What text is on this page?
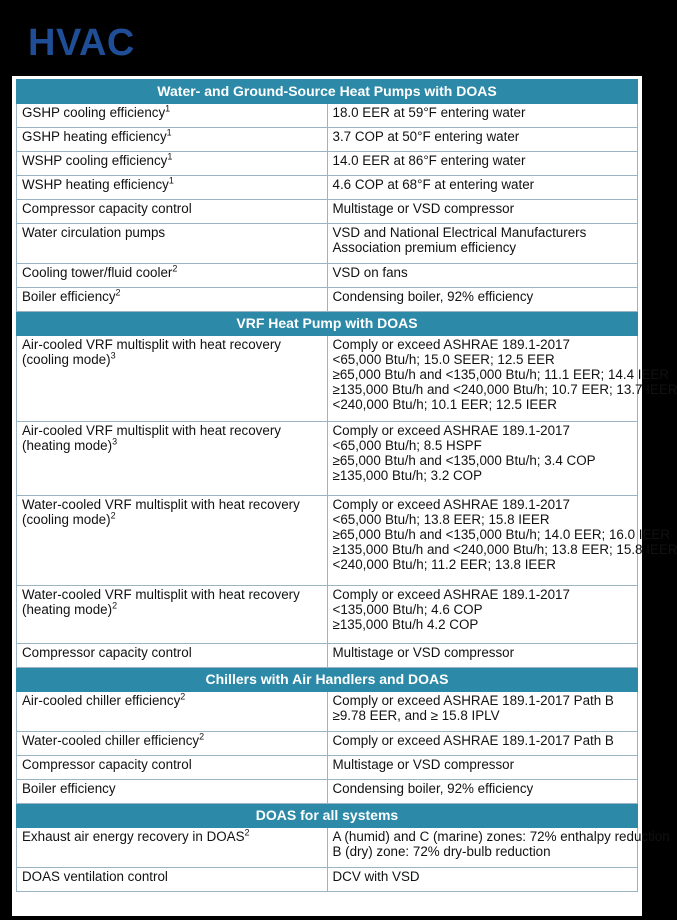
HVAC
Water- and Ground-Source Heat Pumps with DOAS	
GSHP cooling efficiency$^1$	18.0 EER at 59°F entering water

GSHP heating efficiency$^1$	3.7 COP at 50°F entering water

WSHP cooling efficiency$^1$	14.0 EER at 86°F entering water

WSHP heating efficiency$^1$	4.6 COP at 68°F at entering water

Compressor capacity control	Multistage or VSD compressor

Water circulation pumps	VSD and National Electrical Manufacturers Association premium efficiency

Cooling tower/fluid cooler$^2$	VSD on fans

Boiler efficiency$^2$	Condensing boiler, 92% efficiency

VRF Heat Pump with DOAS	
Air-cooled VRF multisplit with heat recovery (cooling mode)$^3$	Comply or exceed ASHRAE 189.1-2017
<65,000 Btu/h; 15.0 SEER; 12.5 EER
≥65,000 Btu/h and <135,000 Btu/h; 11.1 EER; 14.4 IEER
≥135,000 Btu/h and <240,000 Btu/h; 10.7 EER; 13.7 IEER
<240,000 Btu/h; 10.1 EER; 12.5 IEER

Air-cooled VRF multisplit with heat recovery (heating mode)$^3$	Comply or exceed ASHRAE 189.1-2017
<65,000 Btu/h; 8.5 HSPF
≥65,000 Btu/h and <135,000 Btu/h; 3.4 COP
≥135,000 Btu/h; 3.2 COP

Water-cooled VRF multisplit with heat recovery (cooling mode)$^2$	Comply or exceed ASHRAE 189.1-2017
<65,000 Btu/h; 13.8 EER; 15.8 IEER
≥65,000 Btu/h and <135,000 Btu/h; 14.0 EER; 16.0 IEER
≥135,000 Btu/h and <240,000 Btu/h; 13.8 EER; 15.8 IEER
<240,000 Btu/h; 11.2 EER; 13.8 IEER

Water-cooled VRF multisplit with heat recovery (heating mode)$^2$	Comply or exceed ASHRAE 189.1-2017
<135,000 Btu/h; 4.6 COP
≥135,000 Btu/h 4.2 COP

Compressor capacity control	Multistage or VSD compressor

Chillers with Air Handlers and DOAS	
Air-cooled chiller efficiency$^2$	Comply or exceed ASHRAE 189.1-2017 Path B
≥9.78 EER, and ≥ 15.8 IPLV

Water-cooled chiller efficiency$^2$	Comply or exceed ASHRAE 189.1-2017 Path B

Compressor capacity control	Multistage or VSD compressor

Boiler efficiency	Condensing boiler, 92% efficiency

DOAS for all systems	
Exhaust air energy recovery in DOAS$^2$	A (humid) and C (marine) zones: 72% enthalpy reduction
B (dry) zone: 72% dry-bulb reduction

DOAS ventilation control	DCV with VSD
